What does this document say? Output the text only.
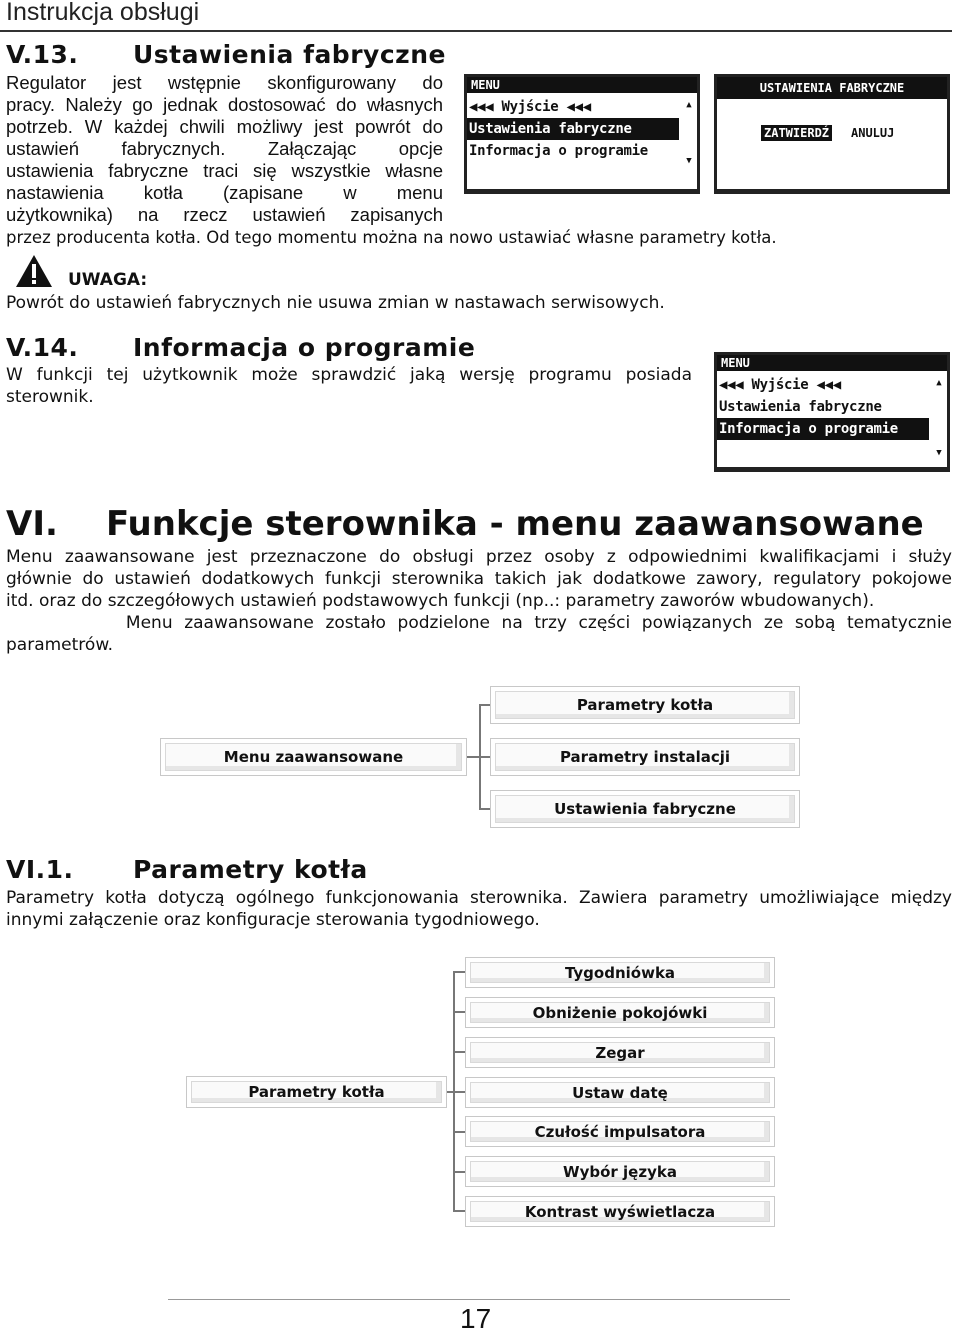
Instrukcja obsługi
V.13. Ustawienia fabryczne
Regulator jest wstępnie skonfigurowany do
pracy. Należy go jednak dostosować do własnych
potrzeb. W każdej chwili możliwy jest powrót do
ustawień fabrycznych. Załączając opcje
ustawienia fabryczne traci się wszystkie własne
nastawienia kotła (zapisane w menu
użytkownika) na rzecz ustawień zapisanych
przez producenta kotła. Od tego momentu można na nowo ustawiać własne parametry kotła.
MENU
◀◀◀ Wyjście ◀◀◀
Ustawienia fabryczne
Informacja o programie
▲
▼
USTAWIENIA FABRYCZNE
ZATWIERDŹ ANULUJ
UWAGA:
Powrót do ustawień fabrycznych nie usuwa zmian w nastawach serwisowych.
V.14. Informacja o programie
W funkcji tej użytkownik może sprawdzić jaką wersję programu posiada
sterownik.
MENU
◀◀◀ Wyjście ◀◀◀
Ustawienia fabryczne
Informacja o programie
▲
▼
VI. Funkcje sterownika - menu zaawansowane
Menu zaawansowane jest przeznaczone do obsługi przez osoby z odpowiednimi kwalifikacjami i służy
głównie do ustawień dodatkowych funkcji sterownika takich jak dodatkowe zawory, regulatory pokojowe
itd. oraz do szczegółowych ustawień podstawowych funkcji (np..: parametry zaworów wbudowanych).
Menu zaawansowane zostało podzielone na trzy części powiązanych ze sobą tematycznie
parametrów.
Menu zaawansowane
Parametry kotła
Parametry instalacji
Ustawienia fabryczne
VI.1. Parametry kotła
Parametry kotła dotyczą ogólnego funkcjonowania sterownika. Zawiera parametry umożliwiające między
innymi załączenie oraz konfiguracje sterowania tygodniowego.
Parametry kotła
Tygodniówka
Obniżenie pokojówki
Zegar
Ustaw datę
Czułość impulsatora
Wybór języka
Kontrast wyświetlacza
17
